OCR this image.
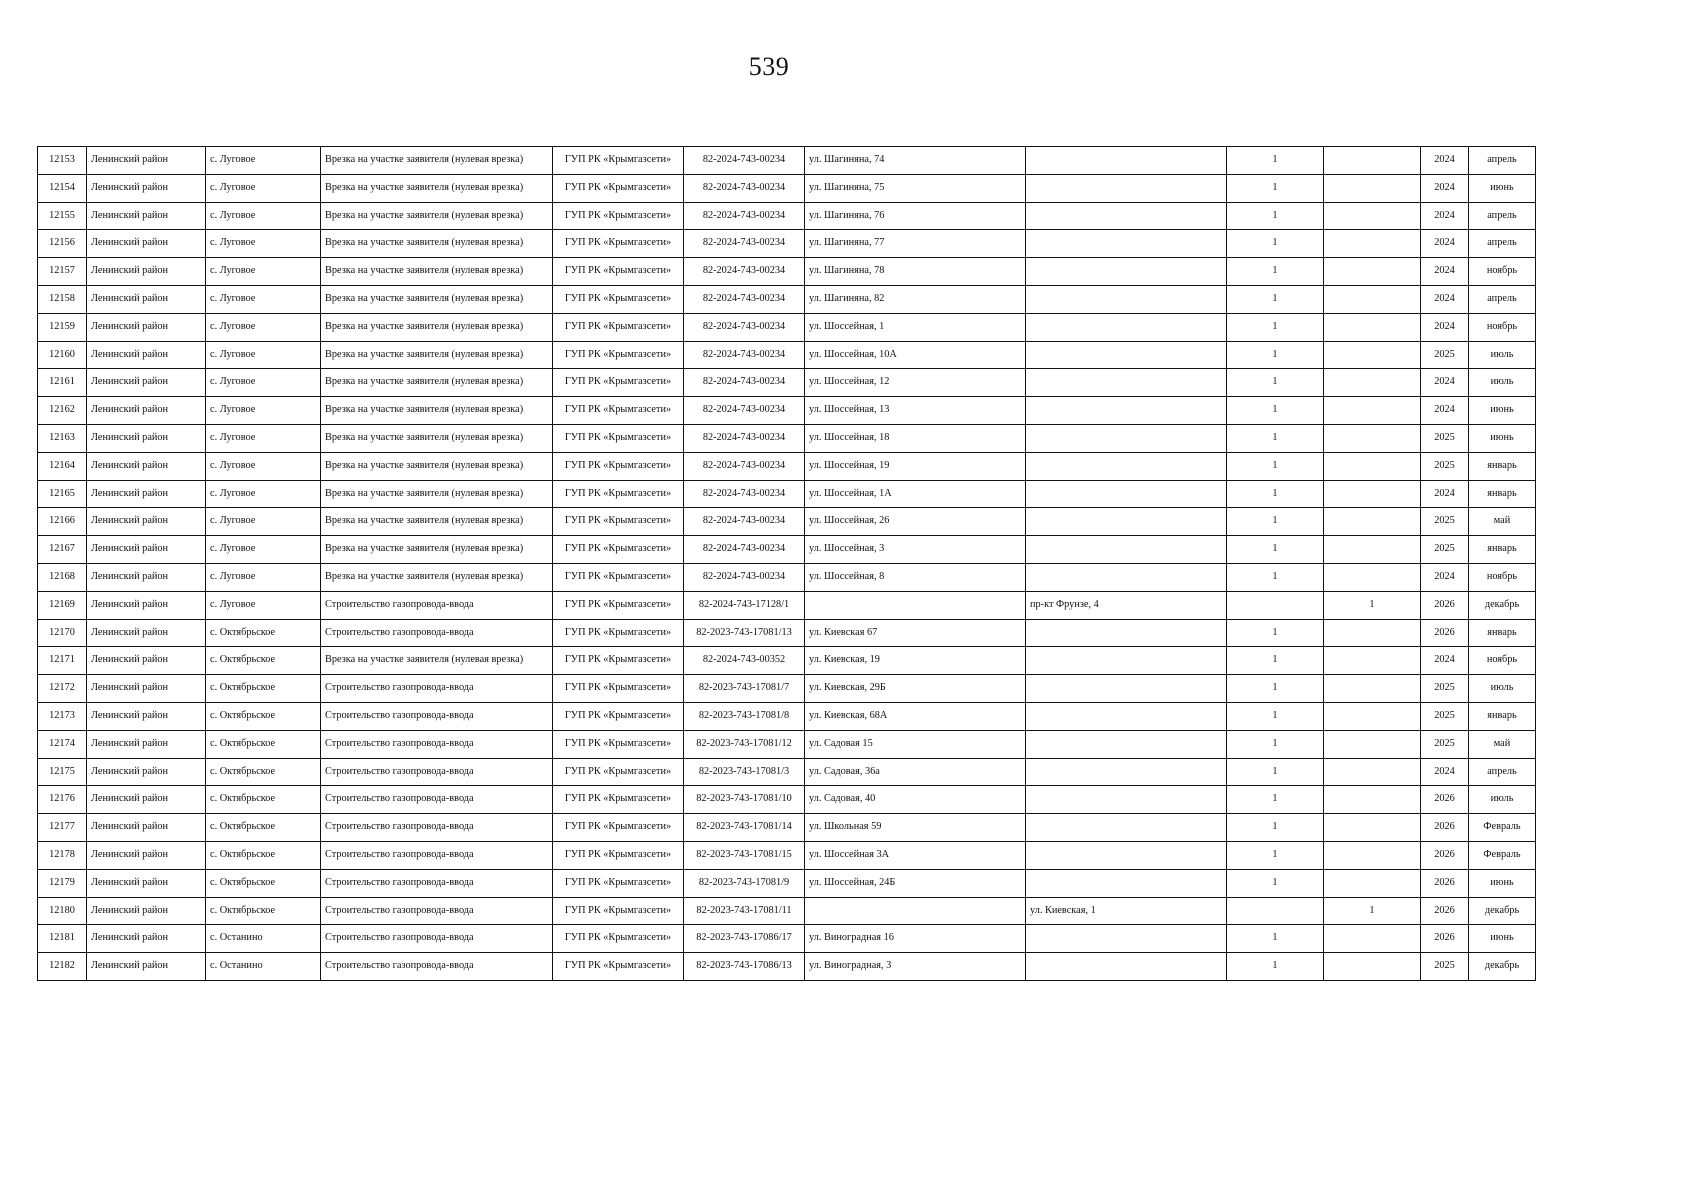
539
12153	Ленинский район	с. Луговое	Врезка на участке заявителя (нулевая врезка)	ГУП РК «Крымгазсети»	82-2024-743-00234	ул. Шагиняна, 74		1		2024	апрель
12154	Ленинский район	с. Луговое	Врезка на участке заявителя (нулевая врезка)	ГУП РК «Крымгазсети»	82-2024-743-00234	ул. Шагиняна, 75		1		2024	июнь
12155	Ленинский район	с. Луговое	Врезка на участке заявителя (нулевая врезка)	ГУП РК «Крымгазсети»	82-2024-743-00234	ул. Шагиняна, 76		1		2024	апрель
12156	Ленинский район	с. Луговое	Врезка на участке заявителя (нулевая врезка)	ГУП РК «Крымгазсети»	82-2024-743-00234	ул. Шагиняна, 77		1		2024	апрель
12157	Ленинский район	с. Луговое	Врезка на участке заявителя (нулевая врезка)	ГУП РК «Крымгазсети»	82-2024-743-00234	ул. Шагиняна, 78		1		2024	ноябрь
12158	Ленинский район	с. Луговое	Врезка на участке заявителя (нулевая врезка)	ГУП РК «Крымгазсети»	82-2024-743-00234	ул. Шагиняна, 82		1		2024	апрель
12159	Ленинский район	с. Луговое	Врезка на участке заявителя (нулевая врезка)	ГУП РК «Крымгазсети»	82-2024-743-00234	ул. Шоссейная, 1		1		2024	ноябрь
12160	Ленинский район	с. Луговое	Врезка на участке заявителя (нулевая врезка)	ГУП РК «Крымгазсети»	82-2024-743-00234	ул. Шоссейная, 10А		1		2025	июль
12161	Ленинский район	с. Луговое	Врезка на участке заявителя (нулевая врезка)	ГУП РК «Крымгазсети»	82-2024-743-00234	ул. Шоссейная, 12		1		2024	июль
12162	Ленинский район	с. Луговое	Врезка на участке заявителя (нулевая врезка)	ГУП РК «Крымгазсети»	82-2024-743-00234	ул. Шоссейная, 13		1		2024	июнь
12163	Ленинский район	с. Луговое	Врезка на участке заявителя (нулевая врезка)	ГУП РК «Крымгазсети»	82-2024-743-00234	ул. Шоссейная, 18		1		2025	июнь
12164	Ленинский район	с. Луговое	Врезка на участке заявителя (нулевая врезка)	ГУП РК «Крымгазсети»	82-2024-743-00234	ул. Шоссейная, 19		1		2025	январь
12165	Ленинский район	с. Луговое	Врезка на участке заявителя (нулевая врезка)	ГУП РК «Крымгазсети»	82-2024-743-00234	ул. Шоссейная, 1А		1		2024	январь
12166	Ленинский район	с. Луговое	Врезка на участке заявителя (нулевая врезка)	ГУП РК «Крымгазсети»	82-2024-743-00234	ул. Шоссейная, 26		1		2025	май
12167	Ленинский район	с. Луговое	Врезка на участке заявителя (нулевая врезка)	ГУП РК «Крымгазсети»	82-2024-743-00234	ул. Шоссейная, 3		1		2025	январь
12168	Ленинский район	с. Луговое	Врезка на участке заявителя (нулевая врезка)	ГУП РК «Крымгазсети»	82-2024-743-00234	ул. Шоссейная, 8		1		2024	ноябрь
12169	Ленинский район	с. Луговое	Строительство газопровода-ввода	ГУП РК «Крымгазсети»	82-2024-743-17128/1		пр-кт Фрунзе, 4		1	2026	декабрь
12170	Ленинский район	с. Октябрьское	Строительство газопровода-ввода	ГУП РК «Крымгазсети»	82-2023-743-17081/13	ул. Киевская 67		1		2026	январь
12171	Ленинский район	с. Октябрьское	Врезка на участке заявителя (нулевая врезка)	ГУП РК «Крымгазсети»	82-2024-743-00352	ул. Киевская, 19		1		2024	ноябрь
12172	Ленинский район	с. Октябрьское	Строительство газопровода-ввода	ГУП РК «Крымгазсети»	82-2023-743-17081/7	ул. Киевская, 29Б		1		2025	июль
12173	Ленинский район	с. Октябрьское	Строительство газопровода-ввода	ГУП РК «Крымгазсети»	82-2023-743-17081/8	ул. Киевская, 68А		1		2025	январь
12174	Ленинский район	с. Октябрьское	Строительство газопровода-ввода	ГУП РК «Крымгазсети»	82-2023-743-17081/12	ул. Садовая 15		1		2025	май
12175	Ленинский район	с. Октябрьское	Строительство газопровода-ввода	ГУП РК «Крымгазсети»	82-2023-743-17081/3	ул. Садовая, 36а		1		2024	апрель
12176	Ленинский район	с. Октябрьское	Строительство газопровода-ввода	ГУП РК «Крымгазсети»	82-2023-743-17081/10	ул. Садовая, 40		1		2026	июль
12177	Ленинский район	с. Октябрьское	Строительство газопровода-ввода	ГУП РК «Крымгазсети»	82-2023-743-17081/14	ул. Школьная 59		1		2026	Февраль
12178	Ленинский район	с. Октябрьское	Строительство газопровода-ввода	ГУП РК «Крымгазсети»	82-2023-743-17081/15	ул. Шоссейная 3А		1		2026	Февраль
12179	Ленинский район	с. Октябрьское	Строительство газопровода-ввода	ГУП РК «Крымгазсети»	82-2023-743-17081/9	ул. Шоссейная, 24Б		1		2026	июнь
12180	Ленинский район	с. Октябрьское	Строительство газопровода-ввода	ГУП РК «Крымгазсети»	82-2023-743-17081/11		ул. Киевская, 1		1	2026	декабрь
12181	Ленинский район	с. Останино	Строительство газопровода-ввода	ГУП РК «Крымгазсети»	82-2023-743-17086/17	ул. Виноградная 16		1		2026	июнь
12182	Ленинский район	с. Останино	Строительство газопровода-ввода	ГУП РК «Крымгазсети»	82-2023-743-17086/13	ул. Виноградная, 3		1		2025	декабрь
